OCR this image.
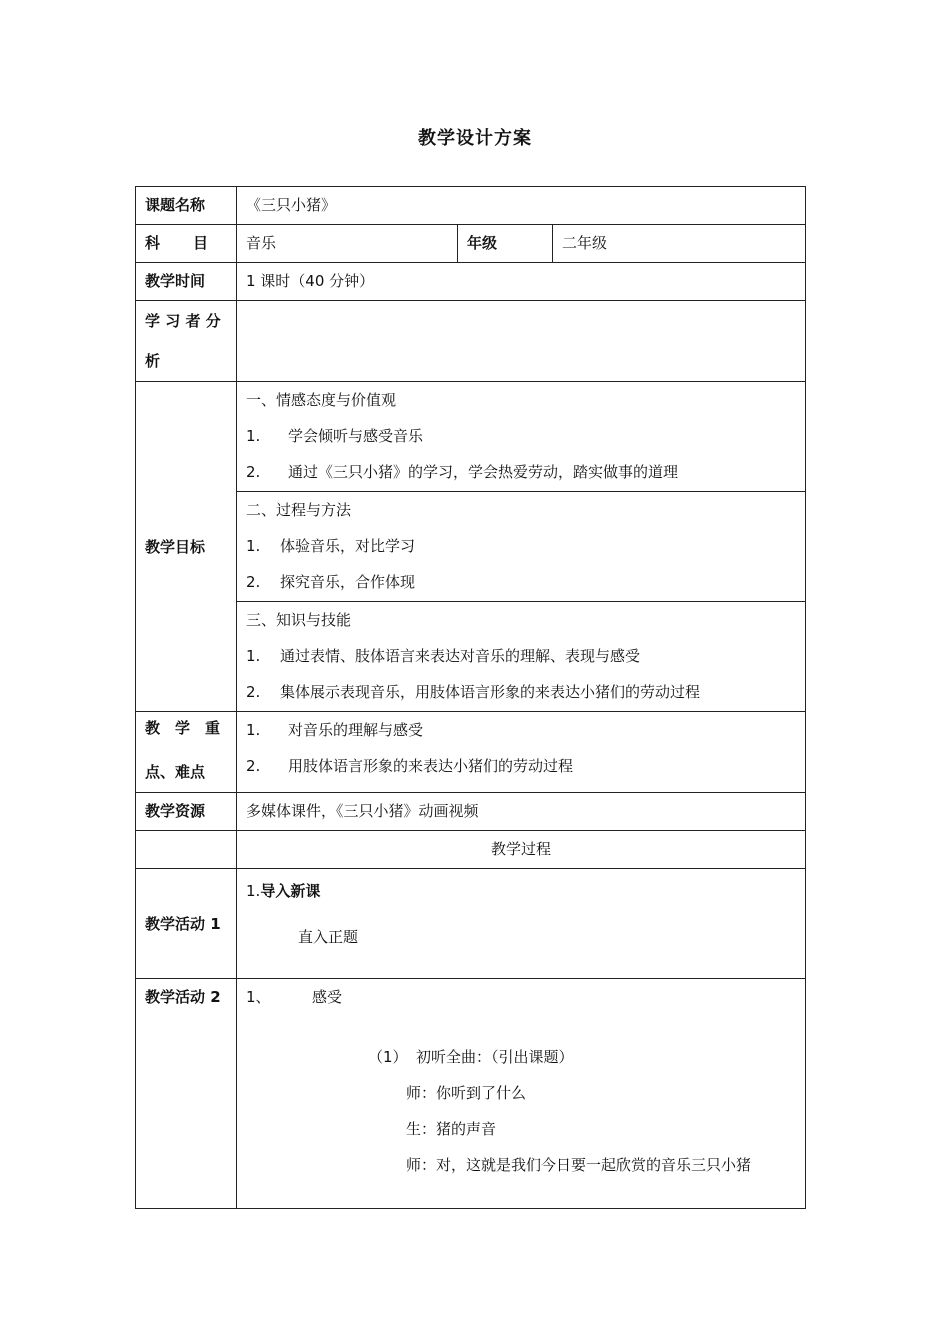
教学设计方案
课题名称	《三只小猪》		
科 目	音乐	年级	二年级
教学时间	1 课时（40 分钟）		

学 习 者 分
析			

教学目标	一、情感态度与价值观
1. 学会倾听与感受音乐
2. 通过《三只小猪》的学习，学会热爱劳动，踏实做事的道理		

	二、过程与方法
1. 体验音乐，对比学习
2. 探究音乐，合作体现		

	三、知识与技能
1. 通过表情、肢体语言来表达对音乐的理解、表现与感受
2. 集体展示表现音乐，用肢体语言形象的来表达小猪们的劳动过程		

教　学　重
点、难点	1. 对音乐的理解与感受
2. 用肢体语言形象的来表达小猪们的劳动过程		

教学资源	多媒体课件，《三只小猪》动画视频		
	教学过程		
教学活动 1	1.导入新课
直入正题		

教学活动 2	1、 感受
（1） 初听全曲：（引出课题）
师：你听到了什么
生：猪的声音
师：对，这就是我们今日要一起欣赏的音乐三只小猪		
